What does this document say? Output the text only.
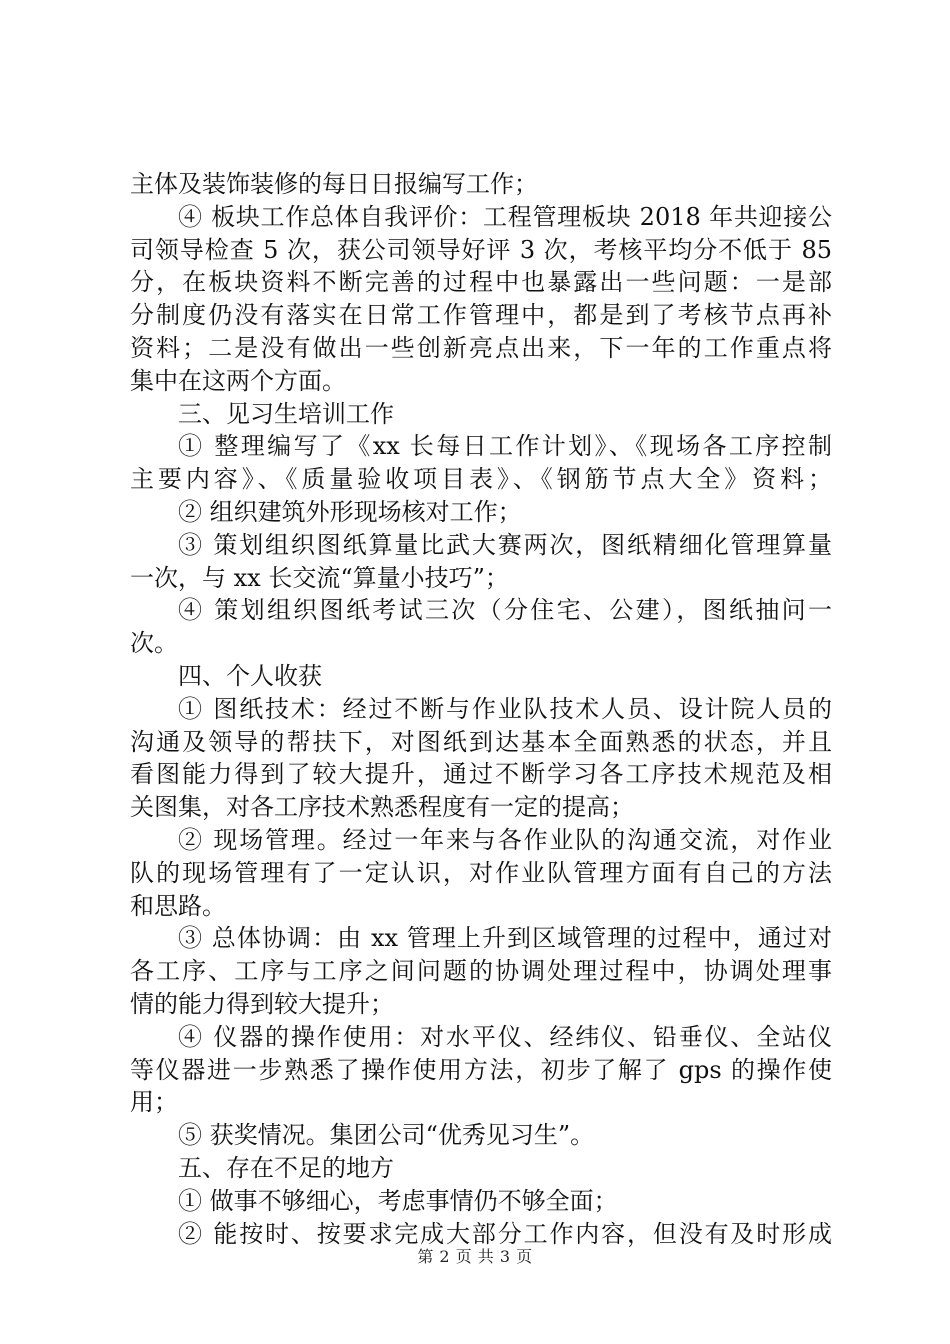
主体及装饰装修的每日日报编写工作；
④ 板块工作总体自我评价：工程管理板块 2018 年共迎接公
司领导检查 5 次，获公司领导好评 3 次，考核平均分不低于 85
分，在板块资料不断完善的过程中也暴露出一些问题：一是部
分制度仍没有落实在日常工作管理中，都是到了考核节点再补
资料；二是没有做出一些创新亮点出来，下一年的工作重点将
集中在这两个方面。
三、见习生培训工作
① 整理编写了《xx 长每日工作计划》、《现场各工序控制
主要内容》、《质量验收项目表》、《钢筋节点大全》资料；
② 组织建筑外形现场核对工作；
③ 策划组织图纸算量比武大赛两次，图纸精细化管理算量
一次，与 xx 长交流“算量小技巧”；
④ 策划组织图纸考试三次（分住宅、公建），图纸抽问一
次。
四、个人收获
① 图纸技术：经过不断与作业队技术人员、设计院人员的
沟通及领导的帮扶下，对图纸到达基本全面熟悉的状态，并且
看图能力得到了较大提升，通过不断学习各工序技术规范及相
关图集，对各工序技术熟悉程度有一定的提高；
② 现场管理。经过一年来与各作业队的沟通交流，对作业
队的现场管理有了一定认识，对作业队管理方面有自己的方法
和思路。
③ 总体协调：由 xx 管理上升到区域管理的过程中，通过对
各工序、工序与工序之间问题的协调处理过程中，协调处理事
情的能力得到较大提升；
④ 仪器的操作使用：对水平仪、经纬仪、铅垂仪、全站仪
等仪器进一步熟悉了操作使用方法，初步了解了 gps 的操作使
用；
⑤ 获奖情况。集团公司“优秀见习生”。
五、存在不足的地方
① 做事不够细心，考虑事情仍不够全面；
② 能按时、按要求完成大部分工作内容，但没有及时形成
第 2 页 共 3 页
